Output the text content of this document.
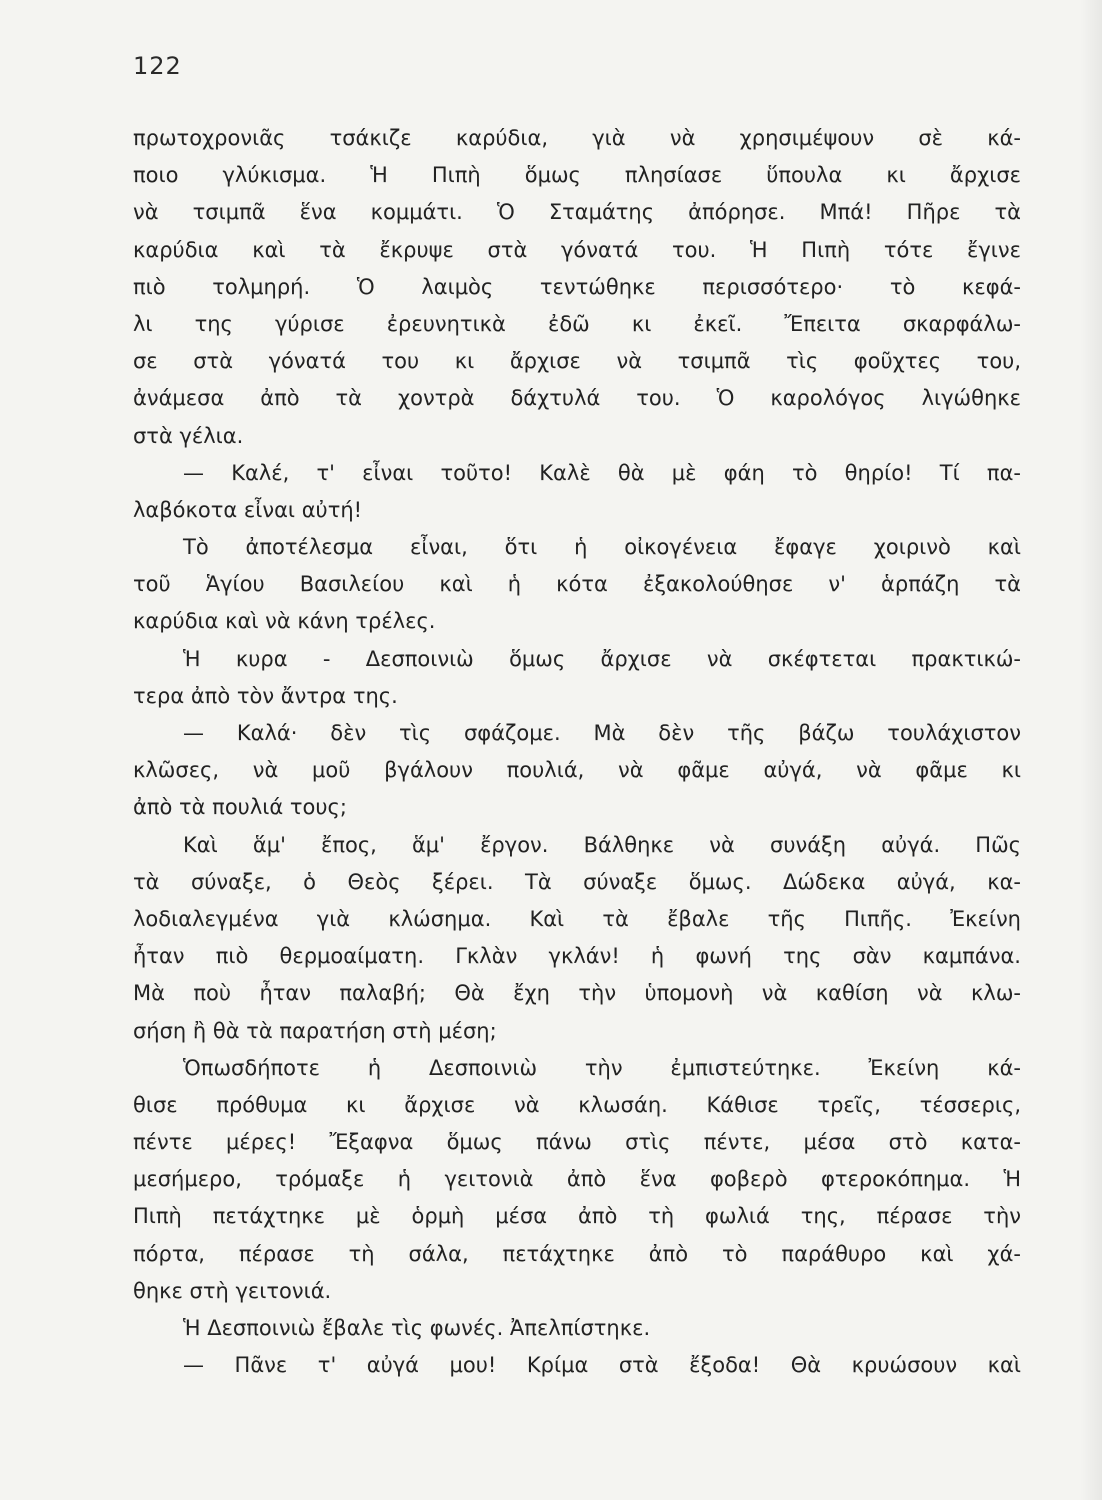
122
πρωτοχρονιᾶς τσάκιζε καρύδια, γιὰ νὰ χρησιμέψουν σὲ κά-
ποιο γλύκισμα. Ἡ Πιπὴ ὅμως πλησίασε ὕπουλα κι ἄρχισε
νὰ τσιμπᾶ ἕνα κομμάτι. Ὁ Σταμάτης ἀπόρησε. Μπά! Πῆρε τὰ
καρύδια καὶ τὰ ἔκρυψε στὰ γόνατά του. Ἡ Πιπὴ τότε ἔγινε
πιὸ τολμηρή. Ὁ λαιμὸς τεντώθηκε περισσότερο· τὸ κεφά-
λι της γύρισε ἐρευνητικὰ ἐδῶ κι ἐκεῖ. Ἔπειτα σκαρφάλω-
σε στὰ γόνατά του κι ἄρχισε νὰ τσιμπᾶ τὶς φοῦχτες του,
ἀνάμεσα ἀπὸ τὰ χοντρὰ δάχτυλά του. Ὁ καρολόγος λιγώθηκε
στὰ γέλια.
— Καλέ, τ' εἶναι τοῦτο! Καλὲ θὰ μὲ φάη τὸ θηρίο! Τί πα-
λαβόκοτα εἶναι αὐτή!
Τὸ ἀποτέλεσμα εἶναι, ὅτι ἡ οἰκογένεια ἔφαγε χοιρινὸ καὶ
τοῦ Ἁγίου Βασιλείου καὶ ἡ κότα ἐξακολούθησε ν' ἁρπάζη τὰ
καρύδια καὶ νὰ κάνη τρέλες.
Ἡ κυρα - Δεσποινιὼ ὅμως ἄρχισε νὰ σκέφτεται πρακτικώ-
τερα ἀπὸ τὸν ἄντρα της.
— Καλά· δὲν τὶς σφάζομε. Μὰ δὲν τῆς βάζω τουλάχιστον
κλῶσες, νὰ μοῦ βγάλουν πουλιά, νὰ φᾶμε αὐγά, νὰ φᾶμε κι
ἀπὸ τὰ πουλιά τους;
Καὶ ἅμ' ἔπος, ἅμ' ἔργον. Βάλθηκε νὰ συνάξη αὐγά. Πῶς
τὰ σύναξε, ὁ Θεὸς ξέρει. Τὰ σύναξε ὅμως. Δώδεκα αὐγά, κα-
λοδιαλεγμένα γιὰ κλώσημα. Καὶ τὰ ἔβαλε τῆς Πιπῆς. Ἐκείνη
ἦταν πιὸ θερμοαίματη. Γκλὰν γκλάν! ἡ φωνή της σὰν καμπάνα.
Μὰ ποὺ ἦταν παλαβή; Θὰ ἔχη τὴν ὑπομονὴ νὰ καθίση νὰ κλω-
σήση ἢ θὰ τὰ παρατήση στὴ μέση;
Ὁπωσδήποτε ἡ Δεσποινιὼ τὴν ἐμπιστεύτηκε. Ἐκείνη κά-
θισε πρόθυμα κι ἄρχισε νὰ κλωσάη. Κάθισε τρεῖς, τέσσερις,
πέντε μέρες! Ἔξαφνα ὅμως πάνω στὶς πέντε, μέσα στὸ κατα-
μεσήμερο, τρόμαξε ἡ γειτονιὰ ἀπὸ ἕνα φοβερὸ φτεροκόπημα. Ἡ
Πιπὴ πετάχτηκε μὲ ὁρμὴ μέσα ἀπὸ τὴ φωλιά της, πέρασε τὴν
πόρτα, πέρασε τὴ σάλα, πετάχτηκε ἀπὸ τὸ παράθυρο καὶ χά-
θηκε στὴ γειτονιά.
Ἡ Δεσποινιὼ ἔβαλε τὶς φωνές. Ἀπελπίστηκε.
— Πᾶνε τ' αὐγά μου! Κρίμα στὰ ἔξοδα! Θὰ κρυώσουν καὶ
